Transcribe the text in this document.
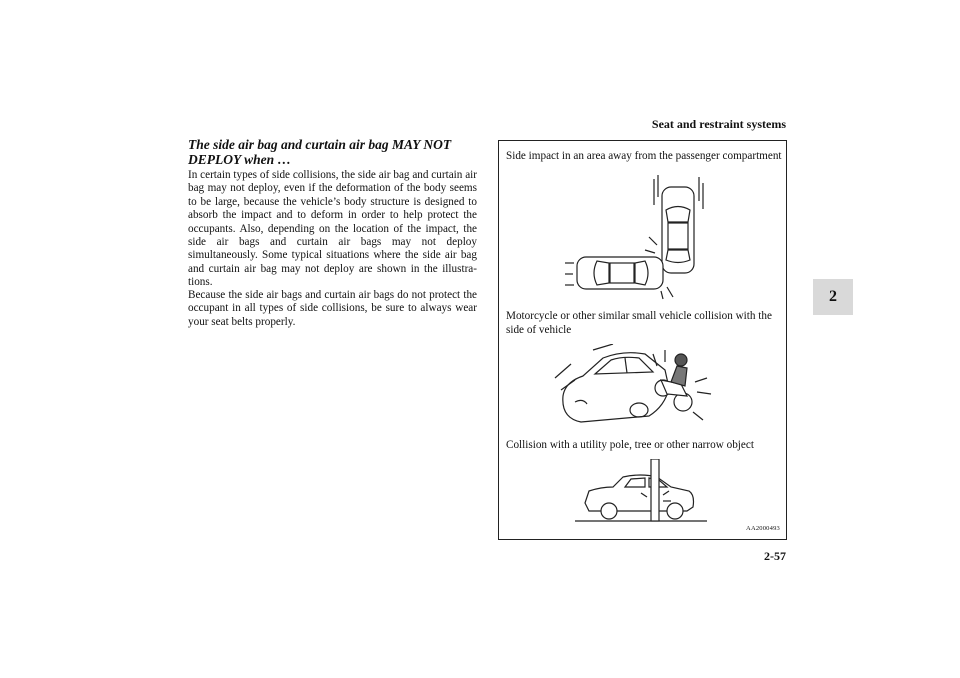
Seat and restraint systems
2
The side air bag and curtain air bag MAY NOT DEPLOY when …
In certain types of side collisions, the side air bag and curtain air bag may not deploy, even if the deformation of the body seems to be large, because the vehicle’s body structure is designed to absorb the impact and to deform in order to help protect the occupants. Also, depending on the location of the impact, the side air bags and curtain air bags may not deploy simultaneously. Some typical situations where the side air bag and curtain air bag may not deploy are shown in the illustra-tions.
Because the side air bags and curtain air bags do not protect the occupant in all types of side collisions, be sure to always wear your seat belts properly.
Side impact in an area away from the passenger compartment
Motorcycle or other similar small vehicle collision with the side of vehicle
Collision with a utility pole, tree or other narrow object
AA2000493
2-57
